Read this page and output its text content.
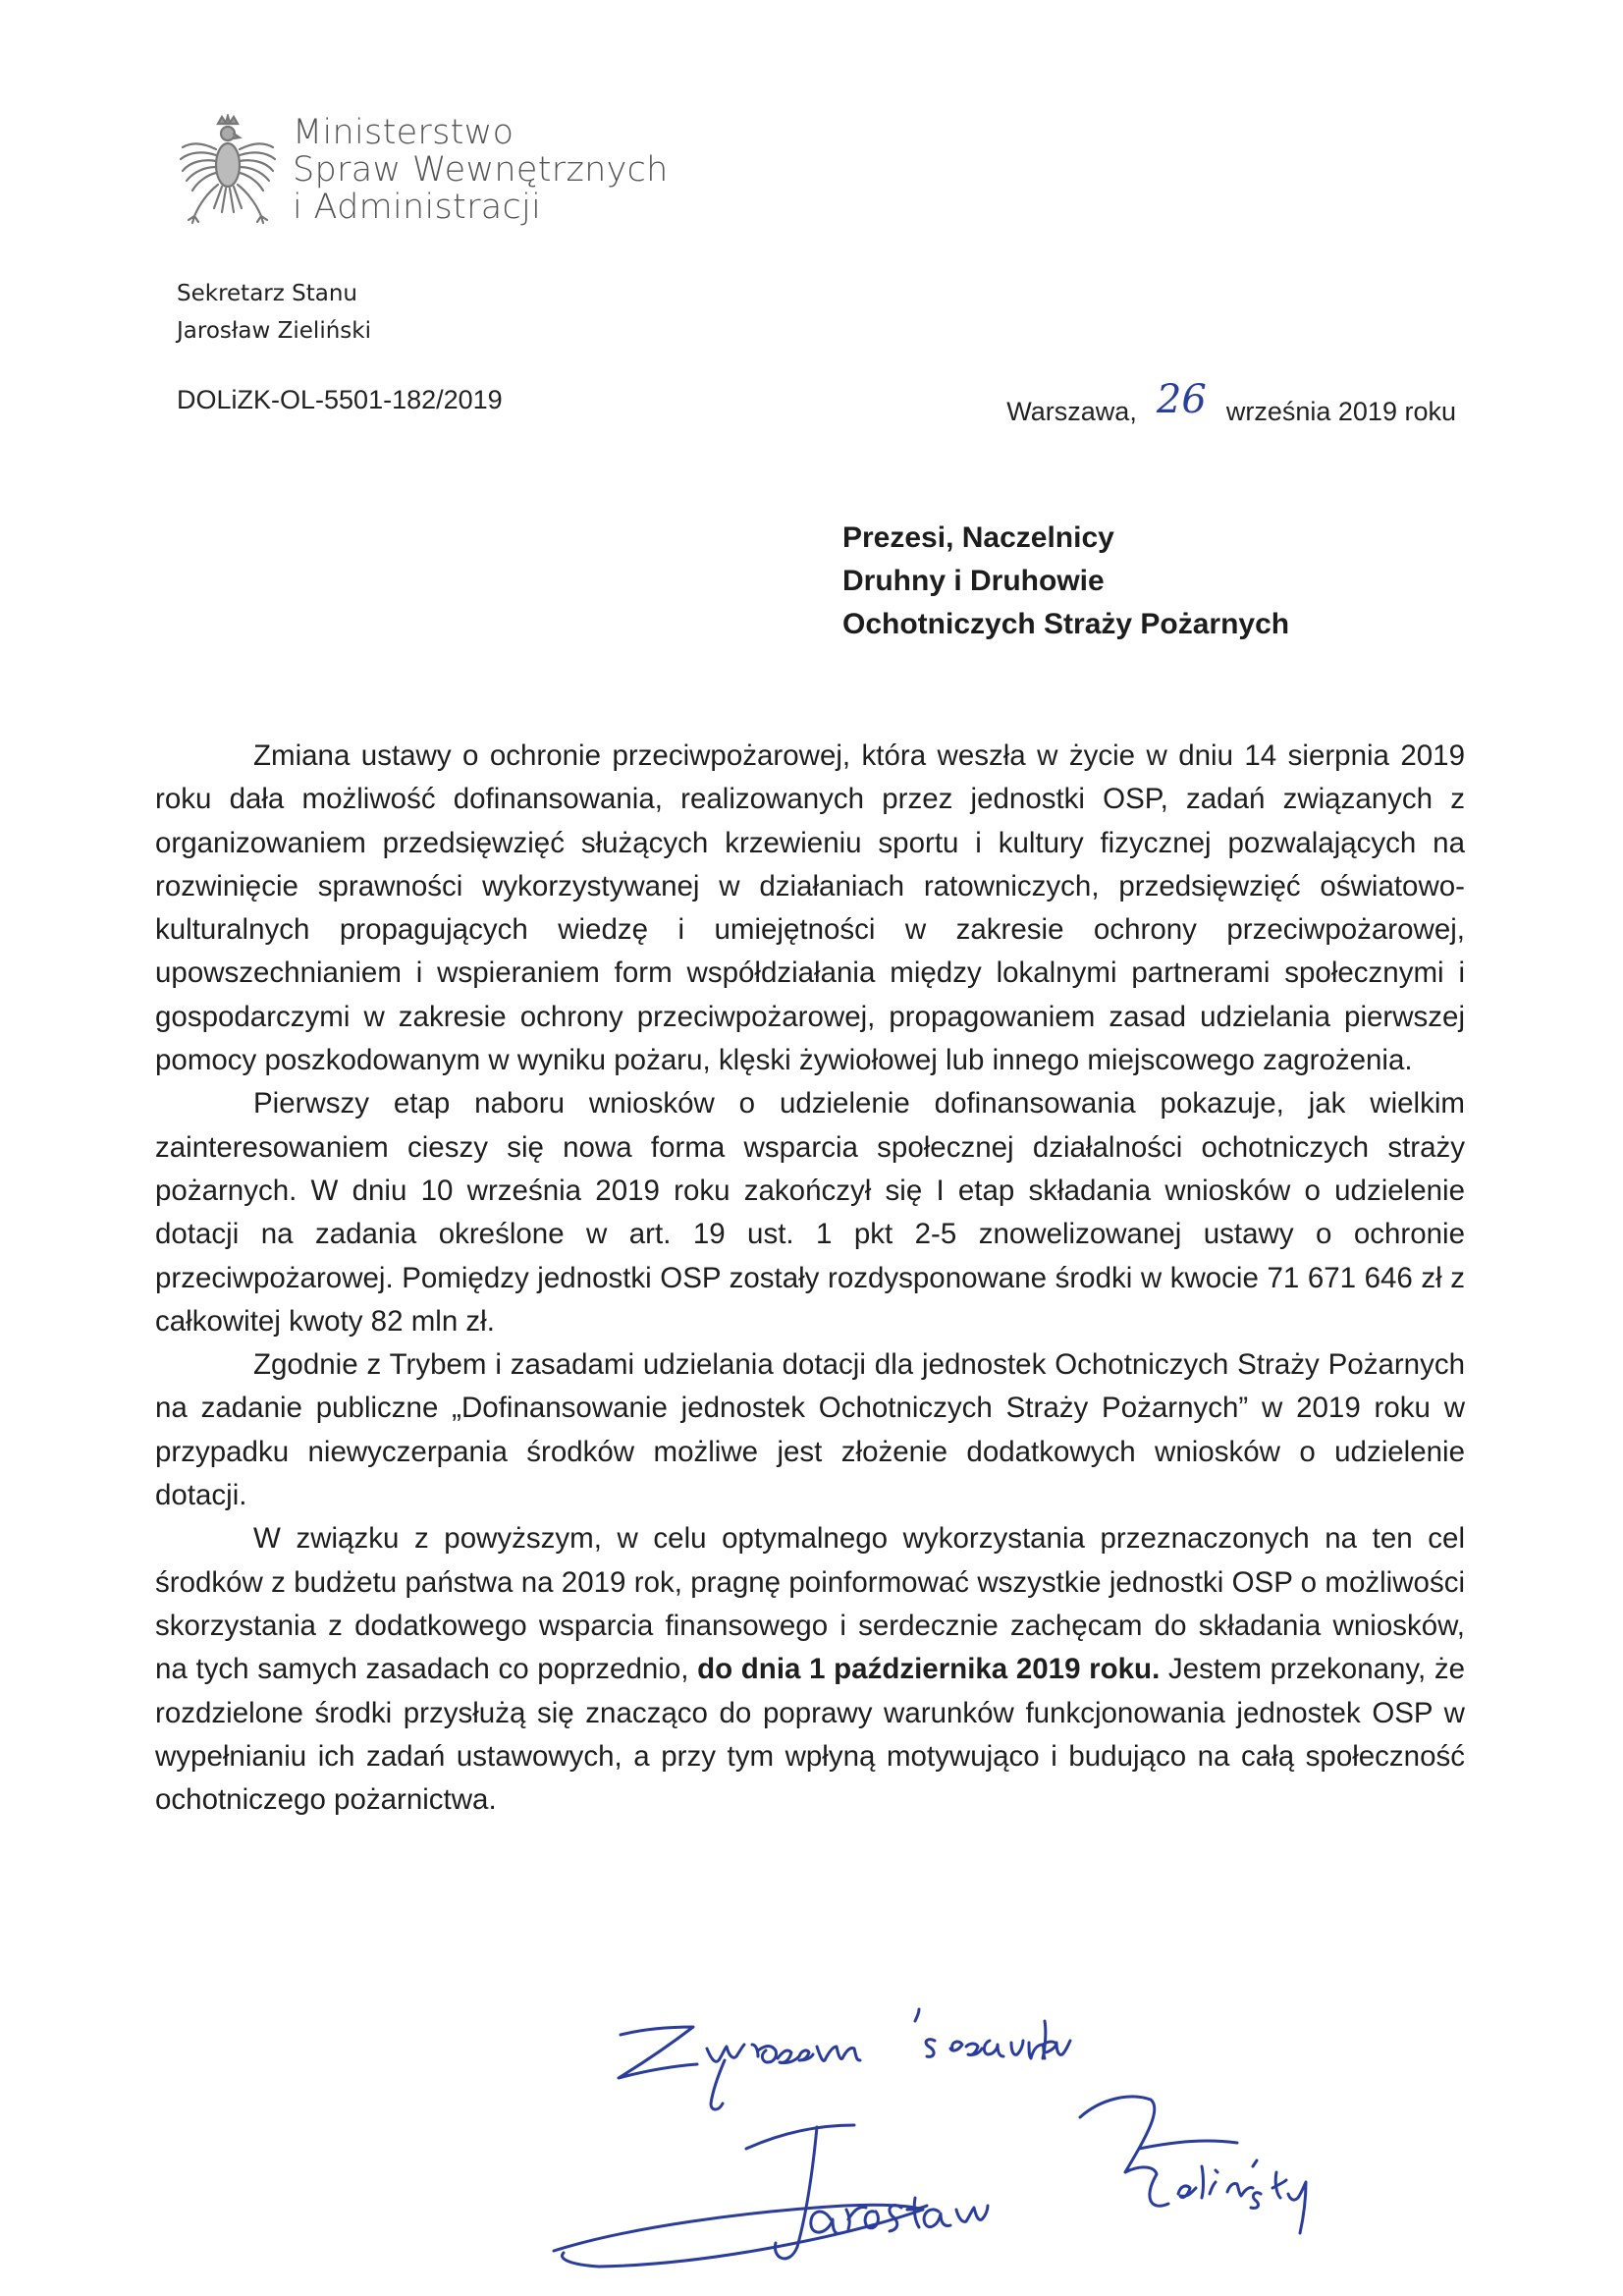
Ministerstwo
Spraw Wewnętrznych
i Administracji
Sekretarz Stanu
Jarosław Zieliński
DOLiZK-OL-5501-182/2019	Warszawa, 26 września 2019 roku
Prezesi, Naczelnicy
Druhny i Druhowie
Ochotniczych Straży Pożarnych

Zmiana ustawy o ochronie przeciwpożarowej, która weszła w życie w dniu 14 sierpnia 2019 roku dała możliwość dofinansowania, realizowanych przez jednostki OSP, zadań związanych z organizowaniem przedsięwzięć służących krzewieniu sportu i kultury fizycznej pozwalających na rozwinięcie sprawności wykorzystywanej w działaniach ratowniczych, przedsięwzięć oświatowo-kulturalnych propagujących wiedzę i umiejętności w zakresie ochrony przeciwpożarowej, upowszechnianiem i wspieraniem form współdziałania między lokalnymi partnerami społecznymi i gospodarczymi w zakresie ochrony przeciwpożarowej, propagowaniem zasad udzielania pierwszej pomocy poszkodowanym w wyniku pożaru, klęski żywiołowej lub innego miejscowego zagrożenia.

Pierwszy etap naboru wniosków o udzielenie dofinansowania pokazuje, jak wielkim zainteresowaniem cieszy się nowa forma wsparcia społecznej działalności ochotniczych straży pożarnych. W dniu 10 września 2019 roku zakończył się I etap składania wniosków o udzielenie dotacji na zadania określone w art. 19 ust. 1 pkt 2-5 znowelizowanej ustawy o ochronie przeciwpożarowej. Pomiędzy jednostki OSP zostały rozdysponowane środki w kwocie 71 671 646 zł z całkowitej kwoty 82 mln zł.

Zgodnie z Trybem i zasadami udzielania dotacji dla jednostek Ochotniczych Straży Pożarnych na zadanie publiczne „Dofinansowanie jednostek Ochotniczych Straży Pożarnych” w 2019 roku w przypadku niewyczerpania środków możliwe jest złożenie dodatkowych wniosków o udzielenie dotacji.

W związku z powyższym, w celu optymalnego wykorzystania przeznaczonych na ten cel środków z budżetu państwa na 2019 rok, pragnę poinformować wszystkie jednostki OSP o możliwości skorzystania z dodatkowego wsparcia finansowego i serdecznie zachęcam do składania wniosków, na tych samych zasadach co poprzednio, do dnia 1 października 2019 roku. Jestem przekonany, że rozdzielone środki przysłużą się znacząco do poprawy warunków funkcjonowania jednostek OSP w wypełnianiu ich zadań ustawowych, a przy tym wpłyną motywująco i budująco na całą społeczność ochotniczego pożarnictwa.
